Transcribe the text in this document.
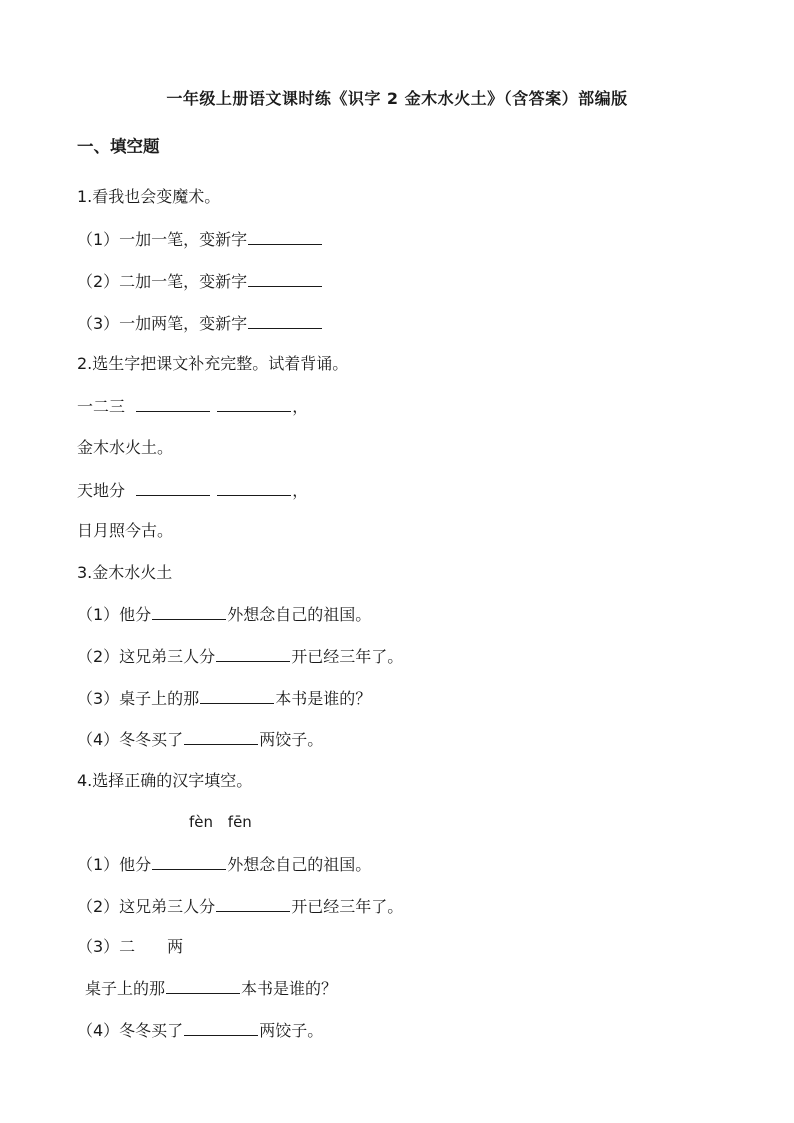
一年级上册语文课时练《识字 2 金木水火土》（含答案）部编版
一、填空题
1.看我也会变魔术。
（1）一加一笔，变新字
（2）二加一笔，变新字
（3）一加两笔，变新字
2.选生字把课文补充完整。试着背诵。
一二三	，
金木水火土。
天地分	，
日月照今古。
3.金木水火土
（1）他分	外想念自己的祖国。
（2）这兄弟三人分	开已经三年了。
（3）桌子上的那	本书是谁的？
（4）冬冬买了	两饺子。
4.选择正确的汉字填空。
fèn fēn
（1）他分	外想念自己的祖国。
（2）这兄弟三人分	开已经三年了。
（3）二　　两
桌子上的那	本书是谁的？
（4）冬冬买了	两饺子。
